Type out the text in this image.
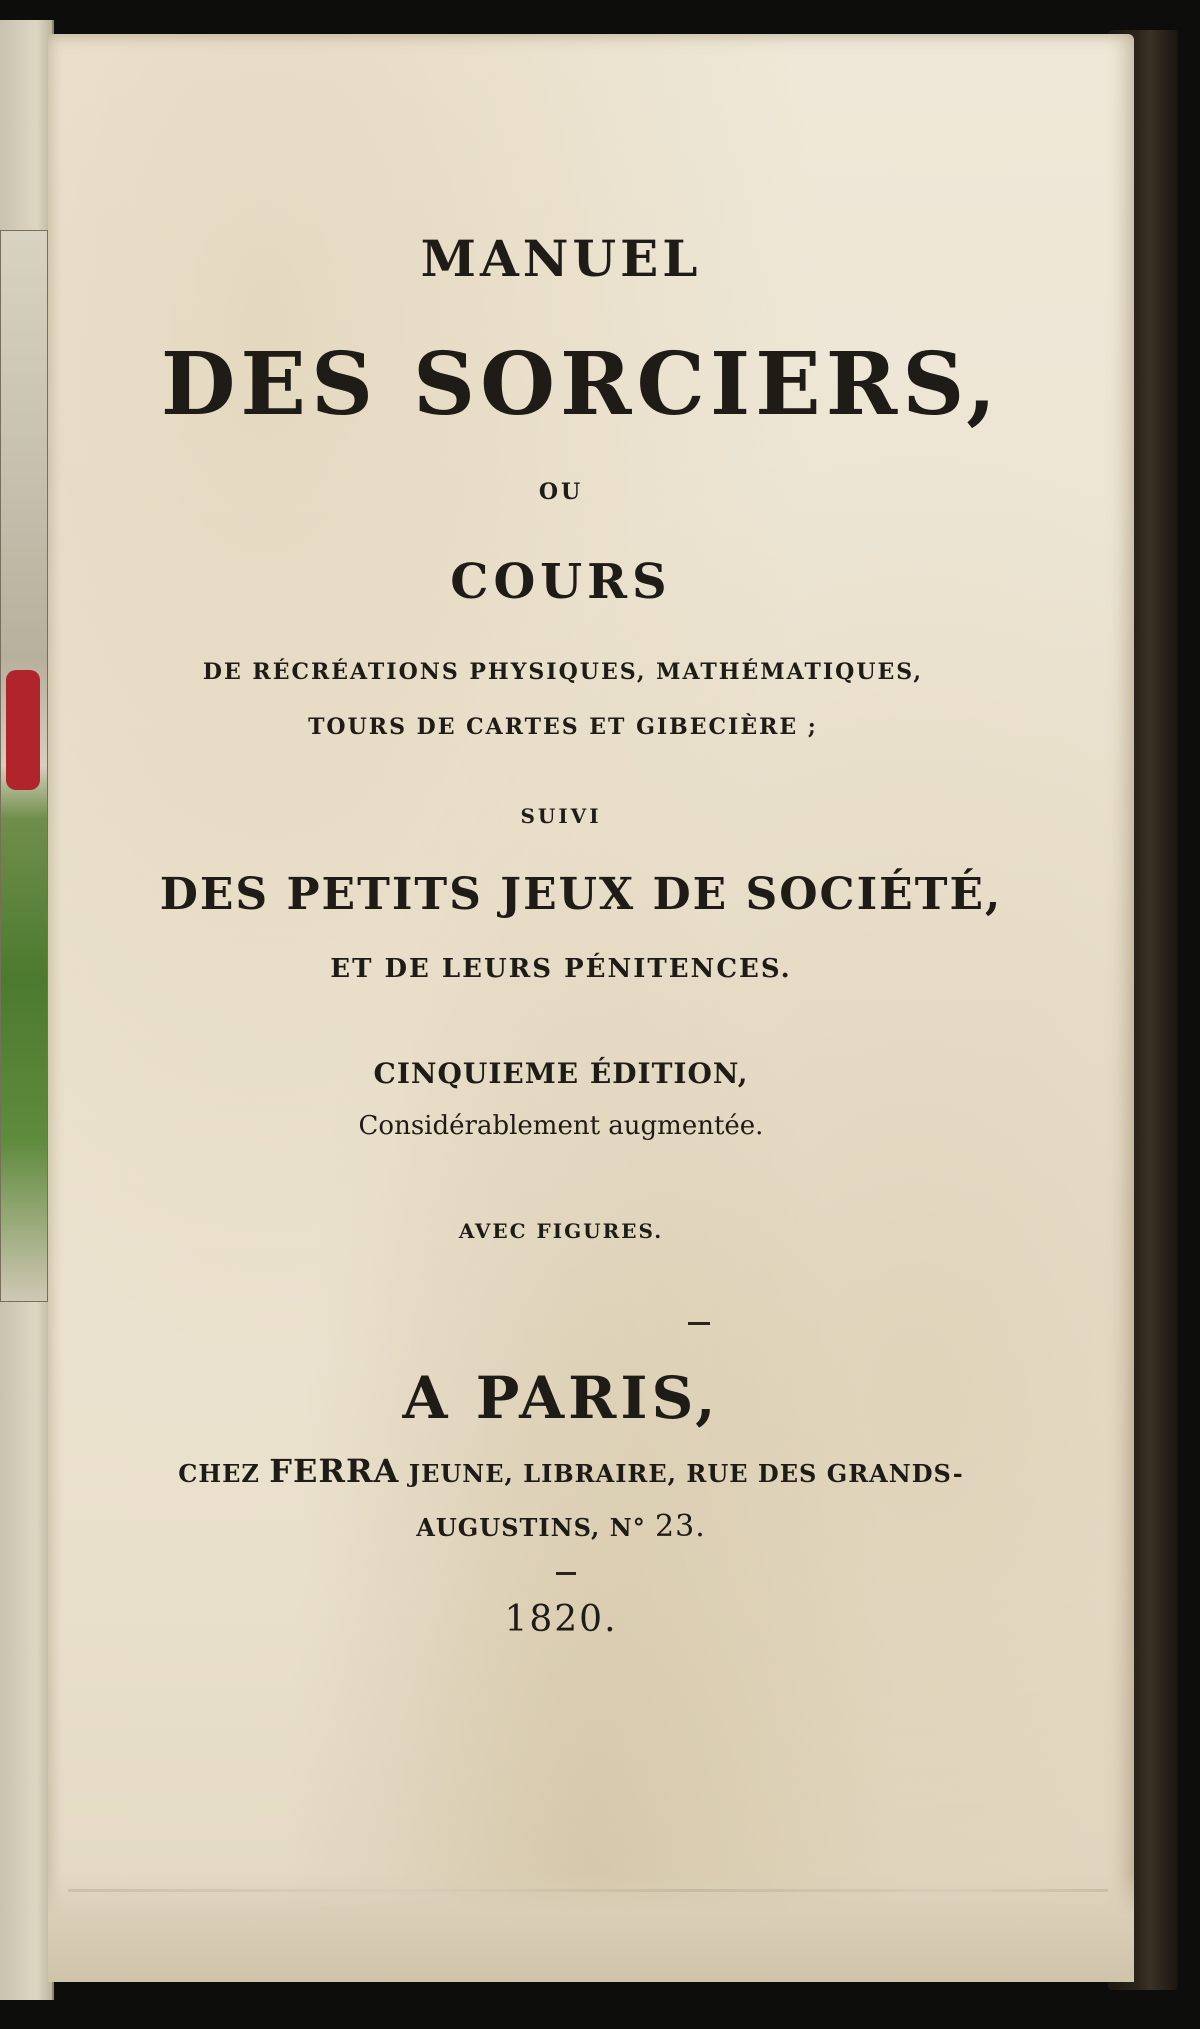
MANUEL
DES SORCIERS,
OU
COURS
DE RÉCRÉATIONS PHYSIQUES, MATHÉMATIQUES,
TOURS DE CARTES ET GIBECIÈRE ;
SUIVI
DES PETITS JEUX DE SOCIÉTÉ,
ET DE LEURS PÉNITENCES.
CINQUIEME ÉDITION,
Considérablement augmentée.
AVEC FIGURES.
A PARIS,
CHEZ FERRA JEUNE, LIBRAIRE, RUE DES GRANDS-
AUGUSTINS, N° 23.
1820.
